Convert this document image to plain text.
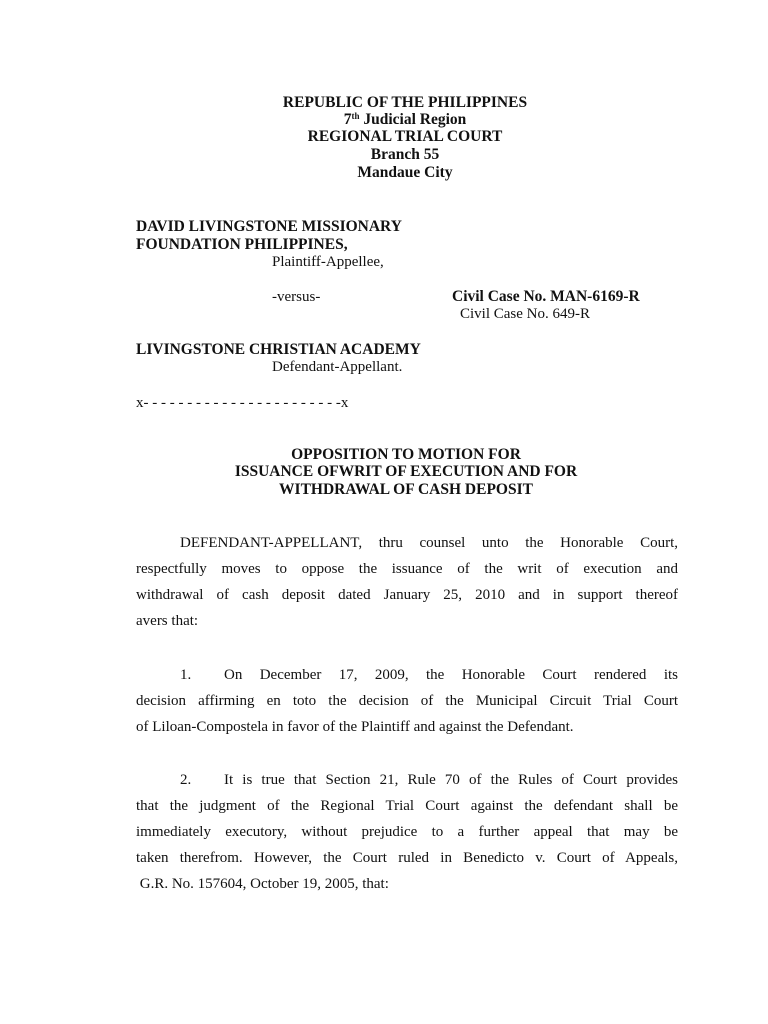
REPUBLIC OF THE PHILIPPINES
7th Judicial Region
REGIONAL TRIAL COURT
Branch 55
Mandaue City
DAVID LIVINGSTONE MISSIONARY
FOUNDATION PHILIPPINES,
Plaintiff-Appellee,
-versus-	Civil Case No. MAN-6169-R
Civil Case No. 649-R
LIVINGSTONE CHRISTIAN ACADEMY
Defendant-Appellant.
x- - - - - - - - - - - - - - - - - - - - - - -x
OPPOSITION TO MOTION FOR
ISSUANCE OFWRIT OF EXECUTION AND FOR
WITHDRAWAL OF CASH DEPOSIT
DEFENDANT-APPELLANT, thru counsel unto the Honorable Court,
respectfully moves to oppose the issuance of the writ of execution and
withdrawal of cash deposit dated January 25, 2010 and in support thereof
avers that:
1.	On December 17, 2009, the Honorable Court rendered its
decision affirming en toto the decision of the Municipal Circuit Trial Court
of Liloan-Compostela in favor of the Plaintiff and against the Defendant.
2.	It is true that Section 21, Rule 70 of the Rules of Court provides
that the judgment of the Regional Trial Court against the defendant shall be
immediately executory, without prejudice to a further appeal that may be
taken therefrom. However, the Court ruled in Benedicto v. Court of Appeals,
G.R. No. 157604, October 19, 2005, that:
